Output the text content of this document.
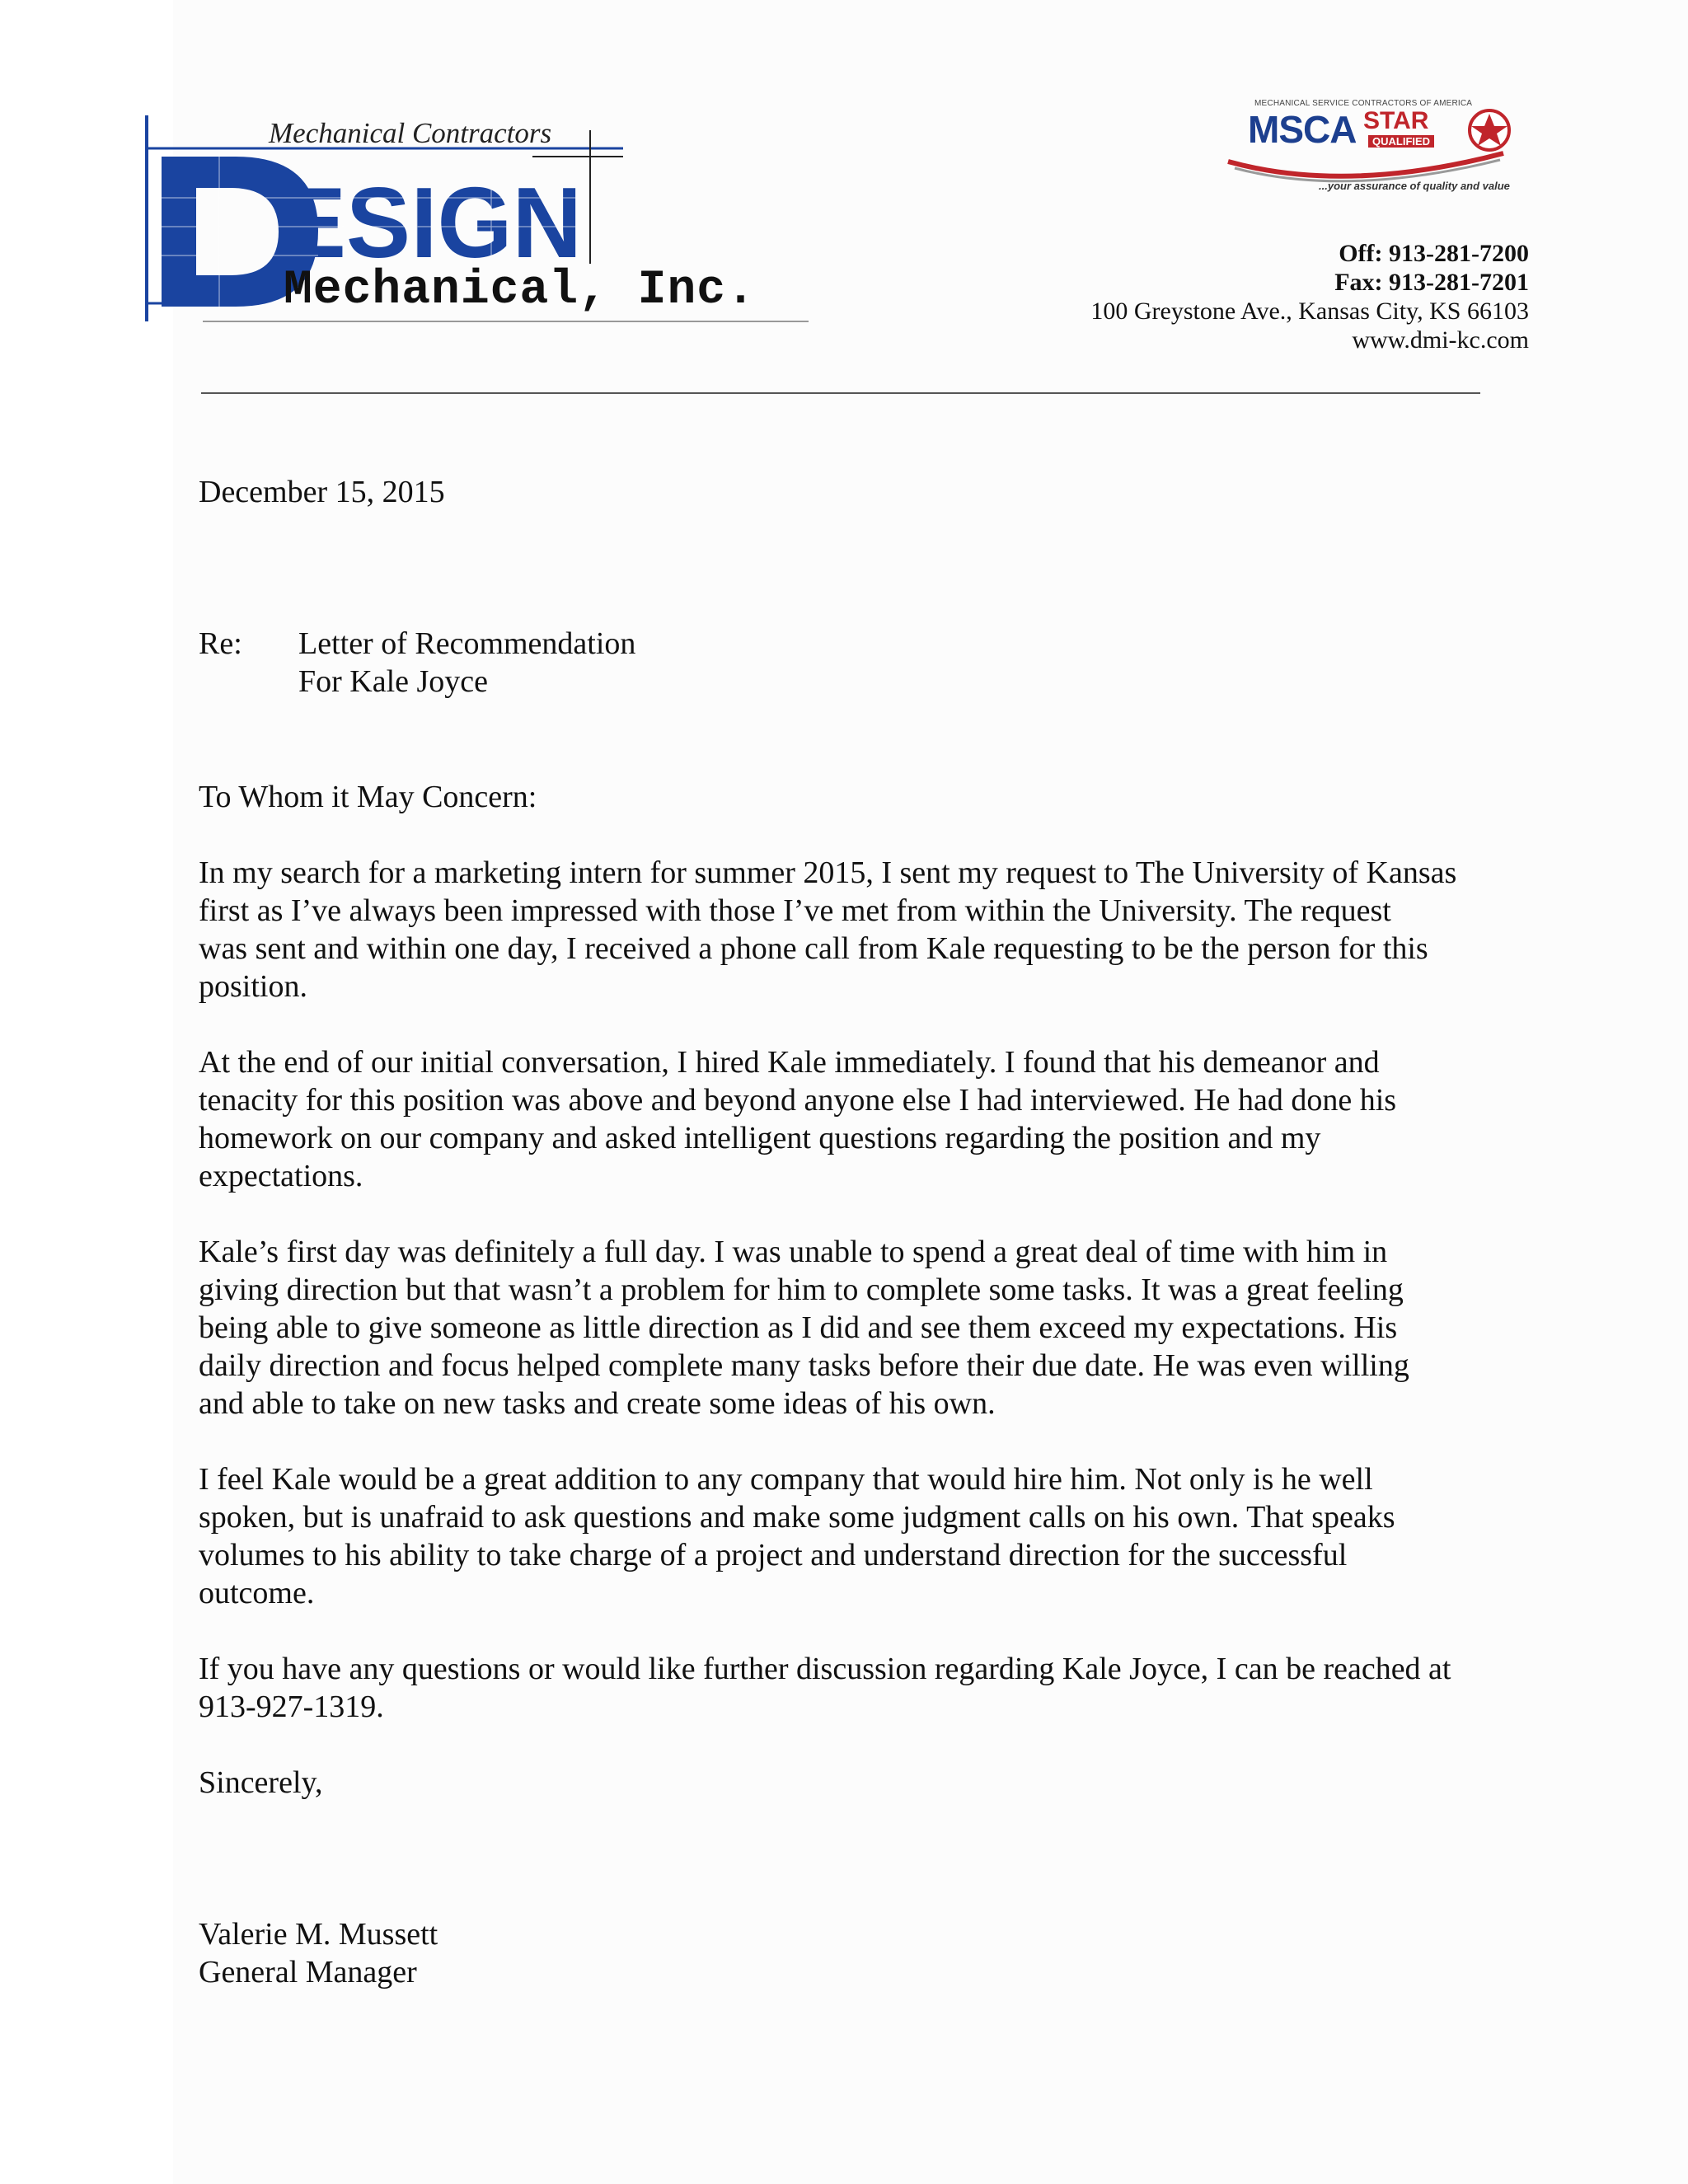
ESIGN
Mechanical Contractors
Mechanical, Inc.
MECHANICAL SERVICE CONTRACTORS OF AMERICA
MSCA STAR
QUALIFIED
...your assurance of quality and value
Off: 913-281-7200
Fax: 913-281-7201
100 Greystone Ave., Kansas City, KS 66103
www.dmi-kc.com
December 15, 2015
Re: Letter of Recommendation
For Kale Joyce
To Whom it May Concern:
In my search for a marketing intern for summer 2015, I sent my request to The University of Kansas
first as I’ve always been impressed with those I’ve met from within the University. The request
was sent and within one day, I received a phone call from Kale requesting to be the person for this
position.
At the end of our initial conversation, I hired Kale immediately. I found that his demeanor and
tenacity for this position was above and beyond anyone else I had interviewed. He had done his
homework on our company and asked intelligent questions regarding the position and my
expectations.
Kale’s first day was definitely a full day. I was unable to spend a great deal of time with him in
giving direction but that wasn’t a problem for him to complete some tasks. It was a great feeling
being able to give someone as little direction as I did and see them exceed my expectations. His
daily direction and focus helped complete many tasks before their due date. He was even willing
and able to take on new tasks and create some ideas of his own.
I feel Kale would be a great addition to any company that would hire him. Not only is he well
spoken, but is unafraid to ask questions and make some judgment calls on his own. That speaks
volumes to his ability to take charge of a project and understand direction for the successful
outcome.
If you have any questions or would like further discussion regarding Kale Joyce, I can be reached at
913-927-1319.
Sincerely,
Valerie M. Mussett
General Manager
